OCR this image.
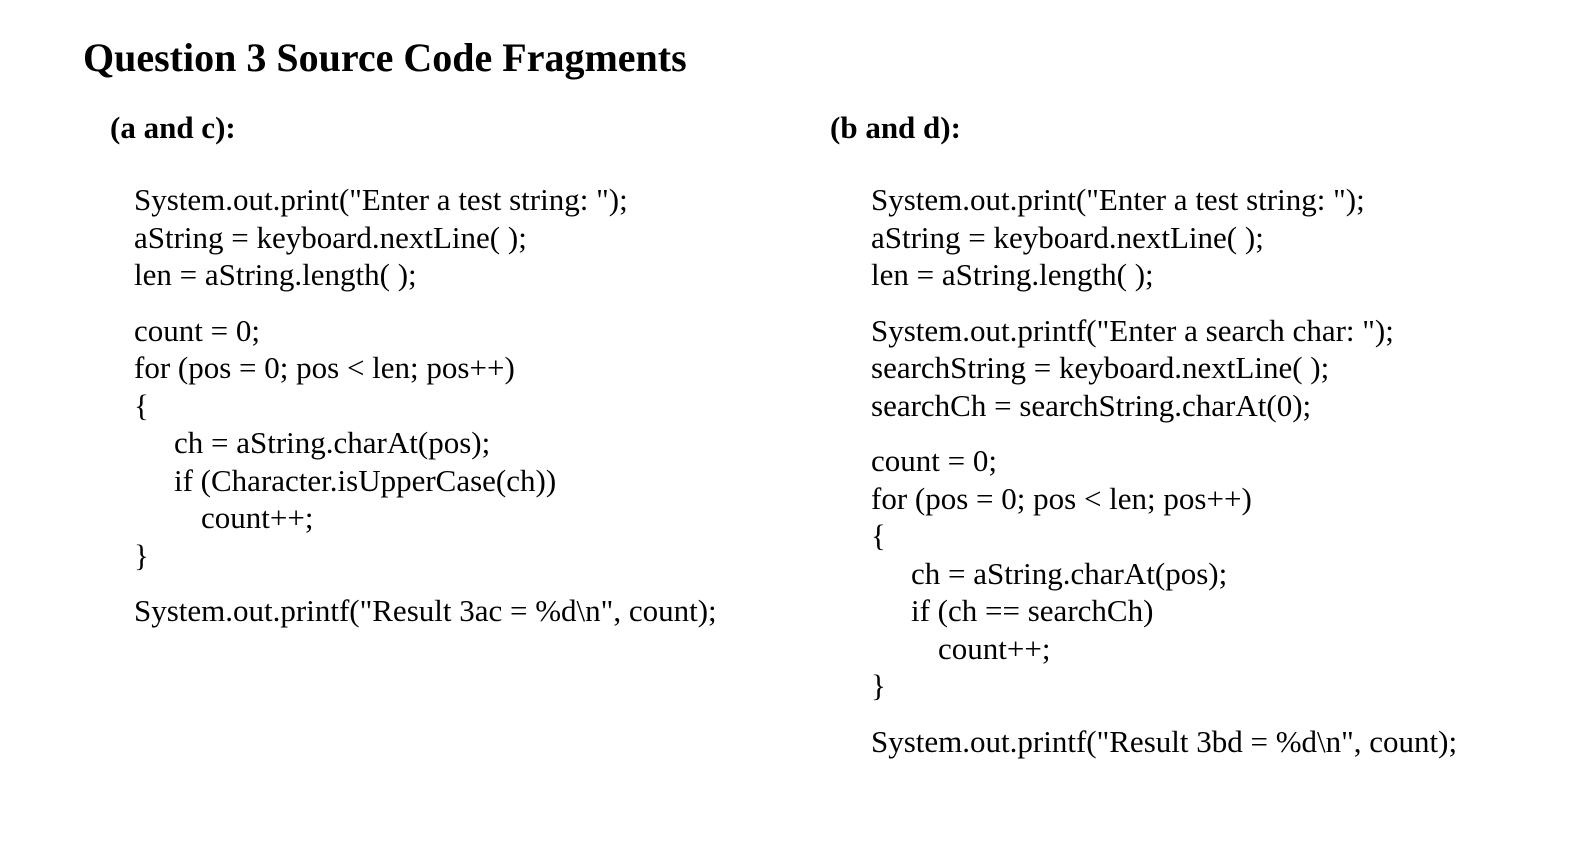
Question 3 Source Code Fragments
(a and c):	(b and d):
System.out.print("Enter a test string: ");
aString = keyboard.nextLine( );
len = aString.length( );
count = 0;
for (pos = 0; pos < len; pos++)
{
ch = aString.charAt(pos);
if (Character.isUpperCase(ch))
count++;
}
System.out.printf("Result 3ac = %d\n", count);
System.out.print("Enter a test string: ");
aString = keyboard.nextLine( );
len = aString.length( );
System.out.printf("Enter a search char: ");
searchString = keyboard.nextLine( );
searchCh = searchString.charAt(0);
count = 0;
for (pos = 0; pos < len; pos++)
{
ch = aString.charAt(pos);
if (ch == searchCh)
count++;
}
System.out.printf("Result 3bd = %d\n", count);
